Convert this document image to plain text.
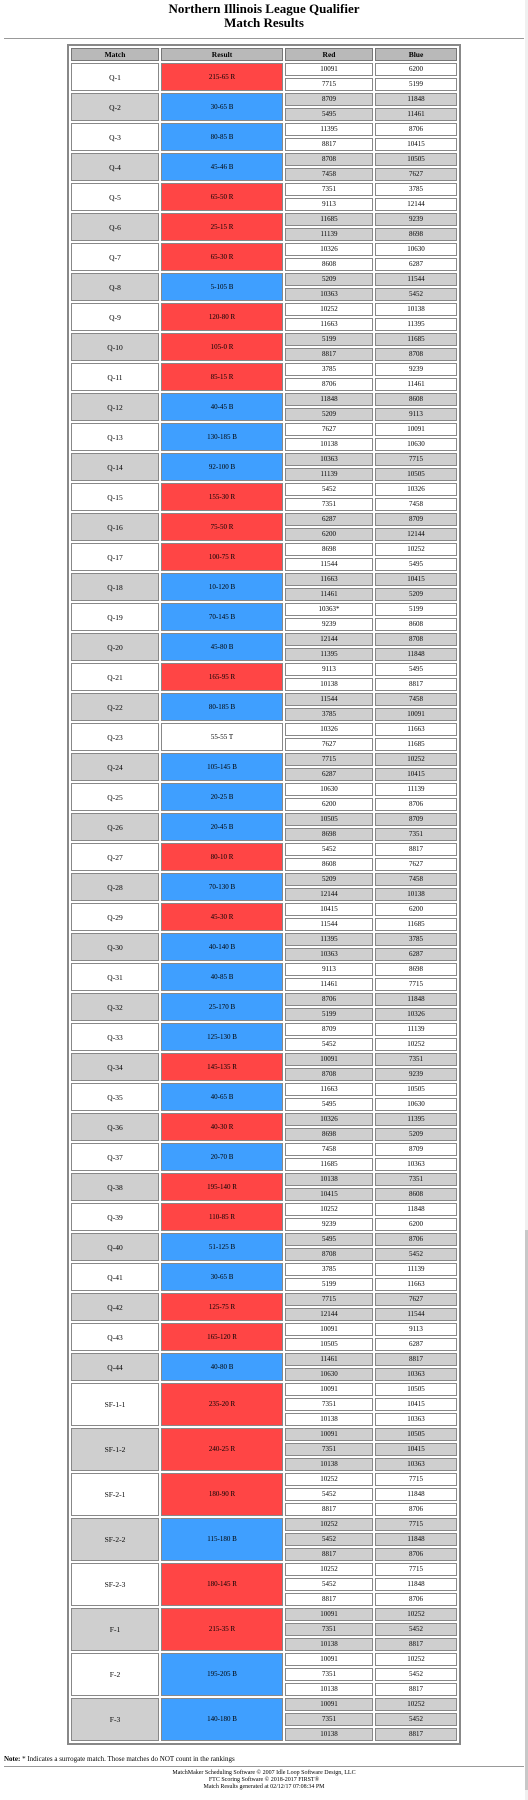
Northern Illinois League Qualifier
Match Results
Match	Result	Red	Blue
Q-1	215-65 R	10091	6200
		7715	5199
Q-2	30-65 B	8709	11848
		5495	11461
Q-3	80-85 B	11395	8706
		8817	10415
Q-4	45-46 B	8708	10505
		7458	7627
Q-5	65-50 R	7351	3785
		9113	12144
Q-6	25-15 R	11685	9239
		11139	8698
Q-7	65-30 R	10326	10630
		8608	6287
Q-8	5-105 B	5209	11544
		10363	5452
Q-9	120-80 R	10252	10138
		11663	11395
Q-10	105-0 R	5199	11685
		8817	8708
Q-11	85-15 R	3785	9239
		8706	11461
Q-12	40-45 B	11848	8608
		5209	9113
Q-13	130-185 B	7627	10091
		10138	10630
Q-14	92-100 B	10363	7715
		11139	10505
Q-15	155-30 R	5452	10326
		7351	7458
Q-16	75-50 R	6287	8709
		6200	12144
Q-17	100-75 R	8698	10252
		11544	5495
Q-18	10-120 B	11663	10415
		11461	5209
Q-19	70-145 B	10363*	5199
		9239	8608
Q-20	45-80 B	12144	8708
		11395	11848
Q-21	165-95 R	9113	5495
		10138	8817
Q-22	80-185 B	11544	7458
		3785	10091
Q-23	55-55 T	10326	11663
		7627	11685
Q-24	105-145 B	7715	10252
		6287	10415
Q-25	20-25 B	10630	11139
		6200	8706
Q-26	20-45 B	10505	8709
		8698	7351
Q-27	80-10 R	5452	8817
		8608	7627
Q-28	70-130 B	5209	7458
		12144	10138
Q-29	45-30 R	10415	6200
		11544	11685
Q-30	40-140 B	11395	3785
		10363	6287
Q-31	40-85 B	9113	8698
		11461	7715
Q-32	25-170 B	8706	11848
		5199	10326
Q-33	125-130 B	8709	11139
		5452	10252
Q-34	145-135 R	10091	7351
		8708	9239
Q-35	40-65 B	11663	10505
		5495	10630
Q-36	40-30 R	10326	11395
		8698	5209
Q-37	20-70 B	7458	8709
		11685	10363
Q-38	195-140 R	10138	7351
		10415	8608
Q-39	110-85 R	10252	11848
		9239	6200
Q-40	51-125 B	5495	8706
		8708	5452
Q-41	30-65 B	3785	11139
		5199	11663
Q-42	125-75 R	7715	7627
		12144	11544
Q-43	165-120 R	10091	9113
		10505	6287
Q-44	40-80 B	11461	8817
		10630	10363
SF-1-1	235-20 R	10091	10505
		7351	10415
		10138	10363
SF-1-2	240-25 R	10091	10505
		7351	10415
		10138	10363
SF-2-1	180-90 R	10252	7715
		5452	11848
		8817	8706
SF-2-2	115-180 B	10252	7715
		5452	11848
		8817	8706
SF-2-3	180-145 R	10252	7715
		5452	11848
		8817	8706
F-1	215-35 R	10091	10252
		7351	5452
		10138	8817
F-2	195-205 B	10091	10252
		7351	5452
		10138	8817
F-3	140-180 B	10091	10252
		7351	5452
		10138	8817
Note: * Indicates a surrogate match. Those matches do NOT count in the rankings
MatchMaker Scheduling Software © 2007 Idle Loop Software Design, LLC
FTC Scoring Software © 2018-2017 FIRST®
Match Results generated at 02/12/17 07:08:34 PM
